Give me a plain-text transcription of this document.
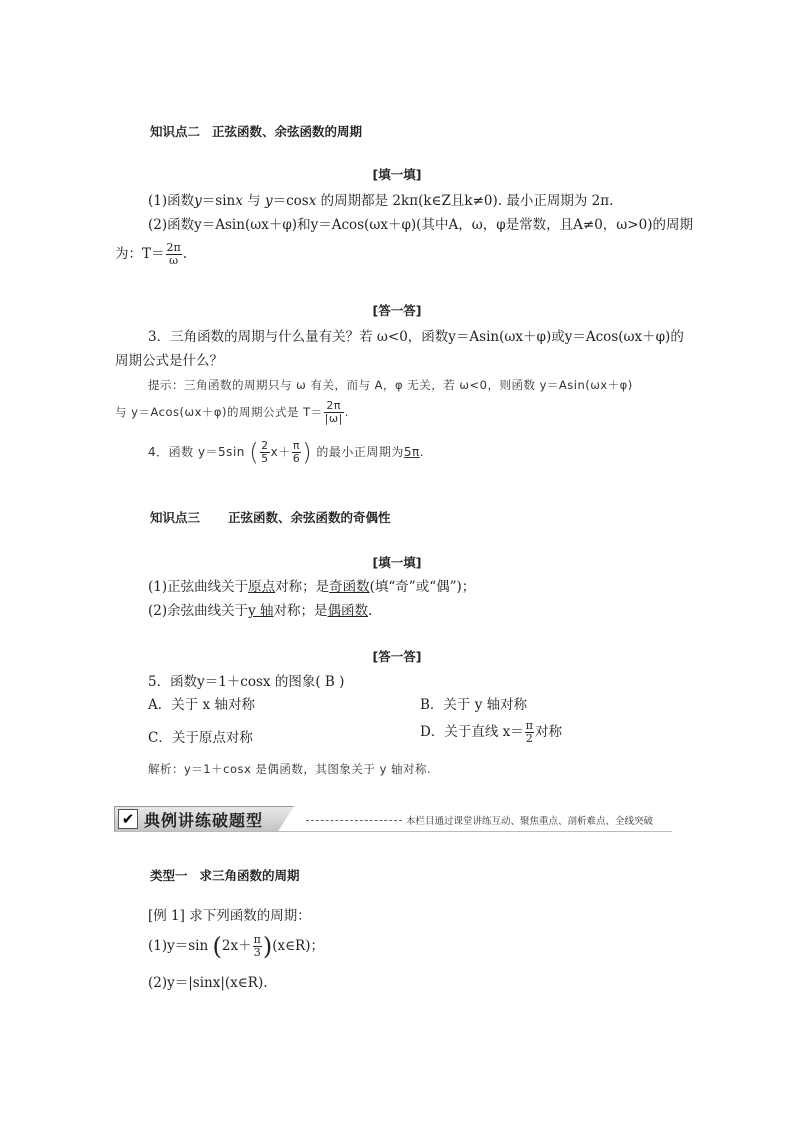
知识点二 正弦函数、余弦函数的周期
[填一填]
(1)函数y＝sinx 与 y＝cosx 的周期都是 2kπ(k∈Z且k≠0). 最小正周期为 2π.
(2)函数y＝Asin(ωx＋φ)和y＝Acos(ωx＋φ)(其中A，ω，φ是常数，且A≠0，ω>0)的周期
为：$T= \frac{2\pi}{\omega}$ .
[答一答]
3．三角函数的周期与什么量有关？若 ω<0，函数y＝Asin(ωx＋φ)或y＝Acos(ωx＋φ)的
周期公式是什么？
提示：三角函数的周期只与 ω 有关，而与 A，φ 无关，若 ω<0，则函数 y＝Asin(ωx＋φ)
与 y＝Acos(ωx＋φ)的周期公式是 $T= \frac{2\pi}{|\omega|}$ .
4．函数 y＝5sin ( $\frac{2}{5} x+ \frac{\pi}{6}$ ) 的最小正周期为5π.
知识点三 正弦函数、余弦函数的奇偶性
[填一填]
(1)正弦曲线关于原点对称；是奇函数(填“奇”或“偶”)；
(2)余弦曲线关于y 轴对称；是偶函数.
[答一答]
5．函数y＝1＋cosx 的图象( B )
A．关于 x 轴对称	B．关于 y 轴对称
C．关于原点对称	D．关于直线 $x= \frac{\pi}{2}$ 对称
解析：y＝1＋cosx 是偶函数，其图象关于 y 轴对称.
✔ 典例讲练破题型	本栏目通过课堂讲练互动、聚焦重点、剖析难点、全线突破
类型一 求三角函数的周期
[例 1] 求下列函数的周期：
(1)y＝sin ($2x+ \frac{\pi}{3}$ )(x∈R)；
(2)y＝|sinx|(x∈R).
